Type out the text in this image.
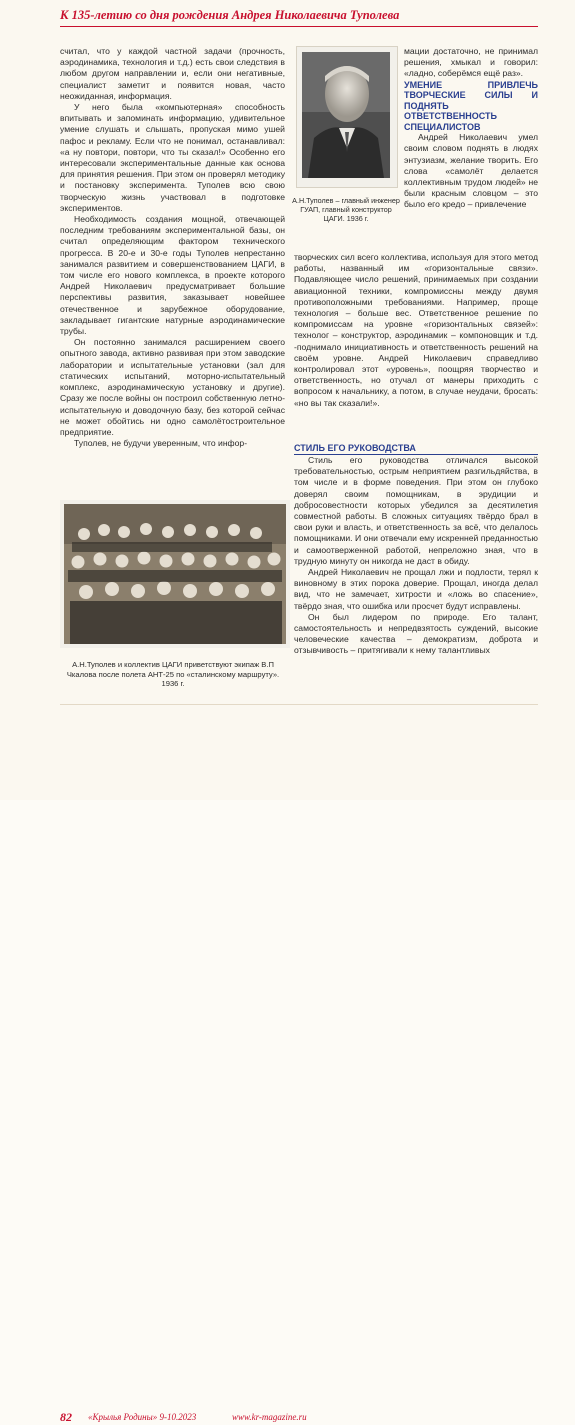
К 135-летию со дня рождения Андрея Николаевича Туполева

считал, что у каждой частной задачи (прочность, аэродинамика, технология и т.д.) есть свои следствия в любом другом направлении и, если они негативные, специалист заметит и появится новая, часто неожиданная, информация.

У него была «компьютерная» способность впитывать и запоминать информацию, удивительное умение слушать и слышать, пропуская мимо ушей пафос и рекламу. Если что не понимал, останавливал: «а ну повтори, повтори, что ты сказал!» Особенно его интересовали экспериментальные данные как основа для принятия решения. При этом он проверял методику и постановку эксперимента. Туполев всю свою творческую жизнь участвовал в подготовке экспериментов.

Необходимость создания мощной, отвечающей последним требованиям экспериментальной базы, он считал определяющим фактором технического прогресса. В 20-е и 30-е годы Туполев непрестанно занимался развитием и совершенствованием ЦАГИ, в том числе его нового комплекса, в проекте которого Андрей Николаевич предусматривает большие перспективы развития, заказывает новейшее отечественное и зарубежное оборудование, закладывает гигантские натурные аэродинамические трубы.

Он постоянно занимался расширением своего опытного завода, активно развивая при этом заводские лаборатории и испытательные установки (зал для статических испытаний, моторно-испытательный комплекс, аэродинамическую установку и другие). Сразу же после войны он построил собственную летно-испытательную и доводочную базу, без которой сейчас не может обойтись ни одно самолётостроительное предприятие.

Туполев, не будучи уверенным, что инфор-

А.Н.Туполев – главный инженер ГУАП, главный конструктор ЦАГИ. 1936 г.

мации достаточно, не принимал решения, хмыкал и говорил: «ладно, соберёмся ещё раз».

УМЕНИЕ ПРИВЛЕЧЬ ТВОРЧЕСКИЕ СИЛЫ И ПОДНЯТЬ ОТВЕТСТВЕННОСТЬ СПЕЦИАЛИСТОВ

Андрей Николаевич умел своим словом поднять в людях энтузиазм, желание творить. Его слова «самолёт делается коллективным трудом людей» не были красным словцом – это было его кредо – привлечение

творческих сил всего коллектива, используя для этого метод работы, названный им «горизонтальные связи». Подавляющее число решений, принимаемых при создании авиационной техники, компромиссны между двумя противоположными требованиями. Например, проще технология – больше вес. Ответственное решение по компромиссам на уровне «горизонтальных связей»: технолог – конструктор, аэродинамик – компоновщик и т.д. -поднимало инициативность и ответственность решений на своём уровне. Андрей Николаевич справедливо контролировал этот «уровень», поощряя творчество и ответственность, но отучал от манеры приходить с вопросом к начальнику, а потом, в случае неудачи, бросать: «но вы так сказали!».

СТИЛЬ ЕГО РУКОВОДСТВА

Стиль его руководства отличался высокой требовательностью, острым неприятием разгильдяйства, в том числе и в форме поведения. При этом он глубоко доверял своим помощникам, в эрудиции и добросовестности которых убедился за десятилетия совместной работы. В сложных ситуациях твёрдо брал в свои руки и власть, и ответственность за всё, что делалось помощниками. И они отвечали ему искренней преданностью и самоотверженной работой, непреложно зная, что в трудную минуту он никогда не даст в обиду.

Андрей Николаевич не прощал лжи и подлости, терял к виновному в этих порока доверие. Прощал, иногда делал вид, что не замечает, хитрости и «ложь во спасение», твёрдо зная, что ошибка или просчет будут исправлены.

Он был лидером по природе. Его талант, самостоятельность и непредвзятость суждений, высокие человеческие качества – демократизм, доброта и отзывчивость – притягивали к нему талантливых

А.Н.Туполев и коллектив ЦАГИ приветствуют экипаж В.П Чкалова после полета АНТ-25 по «сталинскому маршруту». 1936 г.
82 «Крылья Родины» 9-10.2023	www.kr-magazine.ru
